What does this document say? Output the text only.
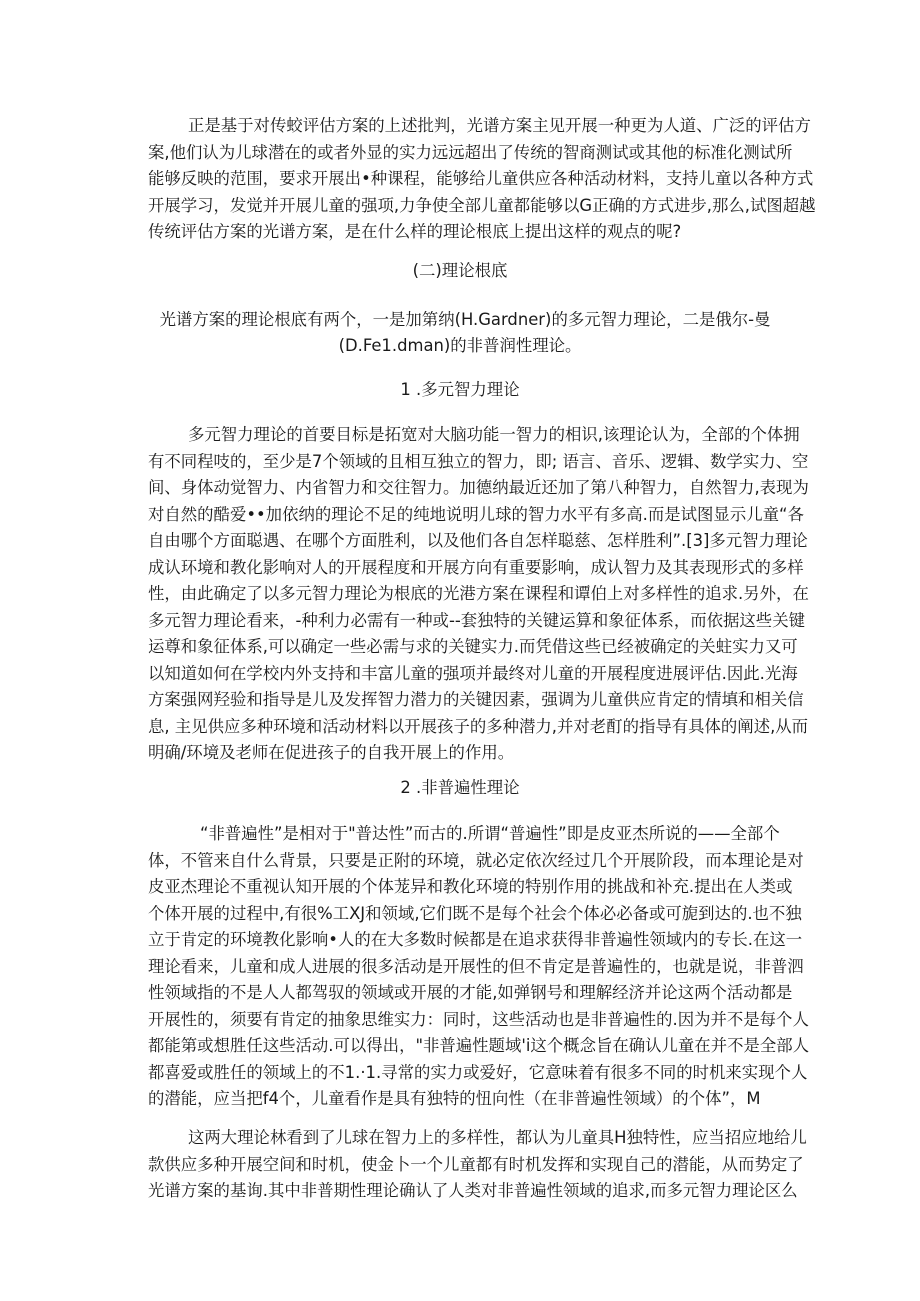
正是基于对传蛟评估方案的上述批判，光谱方案主见开展一种更为人道、广泛的评估方
案,他们认为儿球潜在的或者外显的实力远远超出了传统的智商测试或其他的标准化测试所
能够反映的范围，要求开展出•种课程，能够给儿童供应各种活动材料，支持儿童以各种方式
开展学习，发觉并开展儿童的强项,力争使全部儿童都能够以G正确的方式进步,那么,试图超越
传统评估方案的光谱方案，是在什么样的理论根底上提出这样的观点的呢?

(二)理论根底

光谱方案的理论根底有两个，一是加第纳(H.Gardner)的多元智力理论，二是俄尔-曼
(D.Fe1.dman)的非普润性理论。

1 .多元智力理论

多元智力理论的首要目标是拓宽对大脑功能一智力的相识,该理论认为，全部的个体拥
有不同程吱的，至少是7个领域的且相互独立的智力，即; 语言、音乐、逻辑、数学实力、空
间、身体动觉智力、内省智力和交往智力。加德纳最近还加了第八种智力，自然智力,表现为
对自然的酷爱••加依纳的理论不足的纯地说明儿球的智力水平有多高.而是试图显示儿童“各
自由哪个方面聪遇、在哪个方面胜利，以及他们各自怎样聪慈、怎样胜利”.[3]多元智力理论
成认环境和教化影响对人的开展程度和开展方向有重要影响，成认智力及其表现形式的多样
性，由此确定了以多元智力理论为根底的光港方案在课程和谭伯上对多样性的追求.另外，在
多元智力理论看来，-种利力必需有一种或--套独特的关键运算和象征体系，而依据这些关键
运尊和象征体系,可以确定一些必需与求的关键实力.而凭借这些已经被确定的关蛀实力又可
以知道如何在学校内外支持和丰富儿童的强项并最终对儿童的开展程度进展评估.因此.光海
方案强网羟验和指导是儿及发挥智力潜力的关键因素，强调为儿童供应肯定的情填和相关信
息, 主见供应多种环境和活动材料以开展孩子的多种潜力,并对老酊的指导有具体的阐述,从而
明确/环境及老师在促进孩子的自我开展上的作用。

2 .非普遍性理论

“非普遍性”是相对于"普达性”而古的.所谓“普遍性”即是皮亚杰所说的——全部个
体，不管来自什么背景，只要是正附的环境，就必定依次经过几个开展阶段，而本理论是对
皮亚杰理论不重视认知开展的个体茏异和教化环境的特别作用的挑战和补充.提出在人类或
个体开展的过程中,有很%工XJ和领域,它们既不是每个社会个体必必备或可旎到达的.也不独
立于肯定的环境教化影响•人的在大多数时候都是在追求获得非普遍性领域内的专长.在这一
理论看来，儿童和成人进展的很多活动是开展性的但不肯定是普遍性的，也就是说，非普泗
性领域指的不是人人都驾驭的领域或开展的才能,如弹钢号和理解经济并论这两个活动都是
开展性的，须要有肯定的抽象思维实力：同时，这些活动也是非普遍性的.因为并不是每个人
都能第或想胜任这些活动.可以得出，"非普遍性题域'i这个概念旨在确认儿童在并不是全部人
都喜爱或胜任的领域上的不1.·1.寻常的实力或爱好，它意味着有很多不同的时机来实现个人
的潜能，应当把f4个，儿童看作是具有独特的忸向性（在非普遍性领域）的个体”，M
这两大理论林看到了儿球在智力上的多样性，都认为儿童具H独特性，应当招应地给儿
款供应多种开展空间和时机，使金卜一个儿童都有时机发挥和实现自己的潜能，从而势定了
光谱方案的基询.其中非普期性理论确认了人类对非普遍性领域的追求,而多元智力理论区么
